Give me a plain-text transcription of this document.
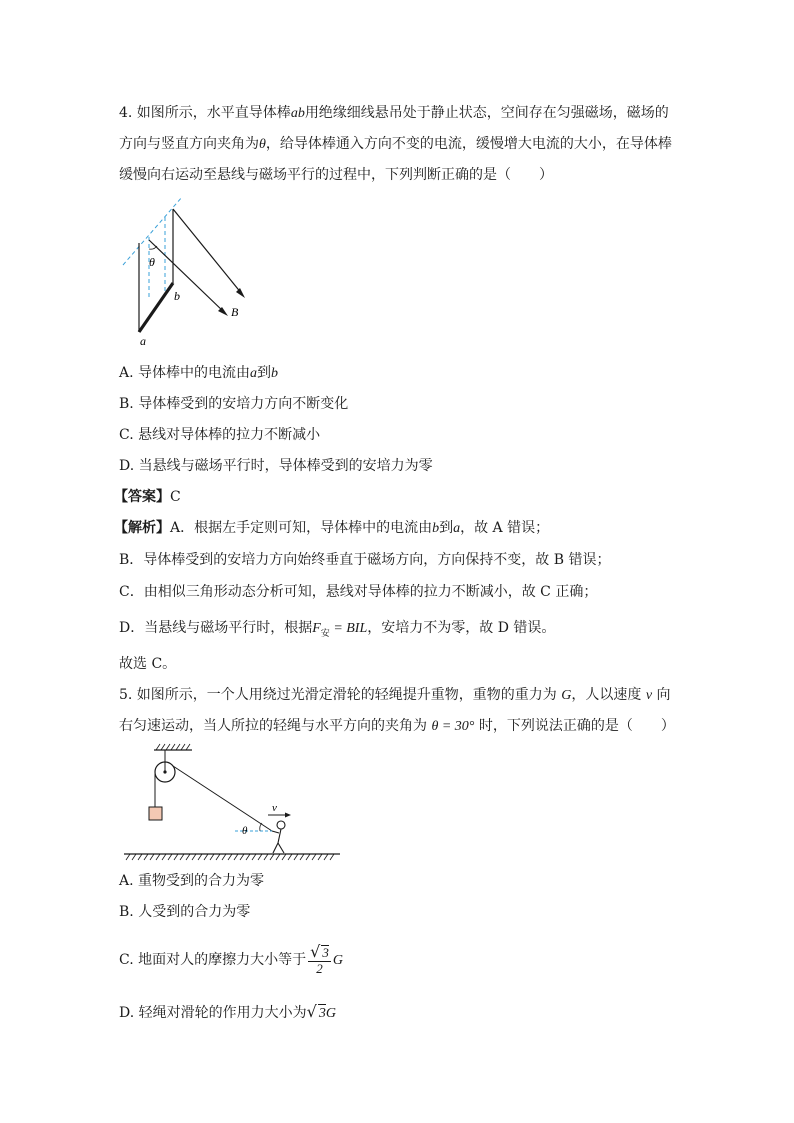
4. 如图所示，水平直导体棒ab用绝缘细线悬吊处于静止状态，空间存在匀强磁场，磁场的
方向与竖直方向夹角为θ，给导体棒通入方向不变的电流，缓慢增大电流的大小，在导体棒
缓慢向右运动至悬线与磁场平行的过程中，下列判断正确的是（　　）
θ
b
a
B
A. 导体棒中的电流由a到b
B. 导体棒受到的安培力方向不断变化
C. 悬线对导体棒的拉力不断减小
D. 当悬线与磁场平行时，导体棒受到的安培力为零
【答案】C
【解析】A．根据左手定则可知，导体棒中的电流由b到a，故 A 错误；
B．导体棒受到的安培力方向始终垂直于磁场方向，方向保持不变，故 B 错误；
C．由相似三角形动态分析可知，悬线对导体棒的拉力不断减小，故 C 正确；
D．当悬线与磁场平行时，根据$F_安$ = BIL，安培力不为零，故 D 错误。
故选 C。
5. 如图所示，一个人用绕过光滑定滑轮的轻绳提升重物，重物的重力为 G，人以速度 v 向
右匀速运动，当人所拉的轻绳与水平方向的夹角为 θ = 30° 时，下列说法正确的是（　　）
θ
v
A. 重物受到的合力为零
B. 人受到的合力为零
C. 地面对人的摩擦力大小等于 $\frac{√ 3}{2}$ G
D. 轻绳对滑轮的作用力大小为√ 3G
